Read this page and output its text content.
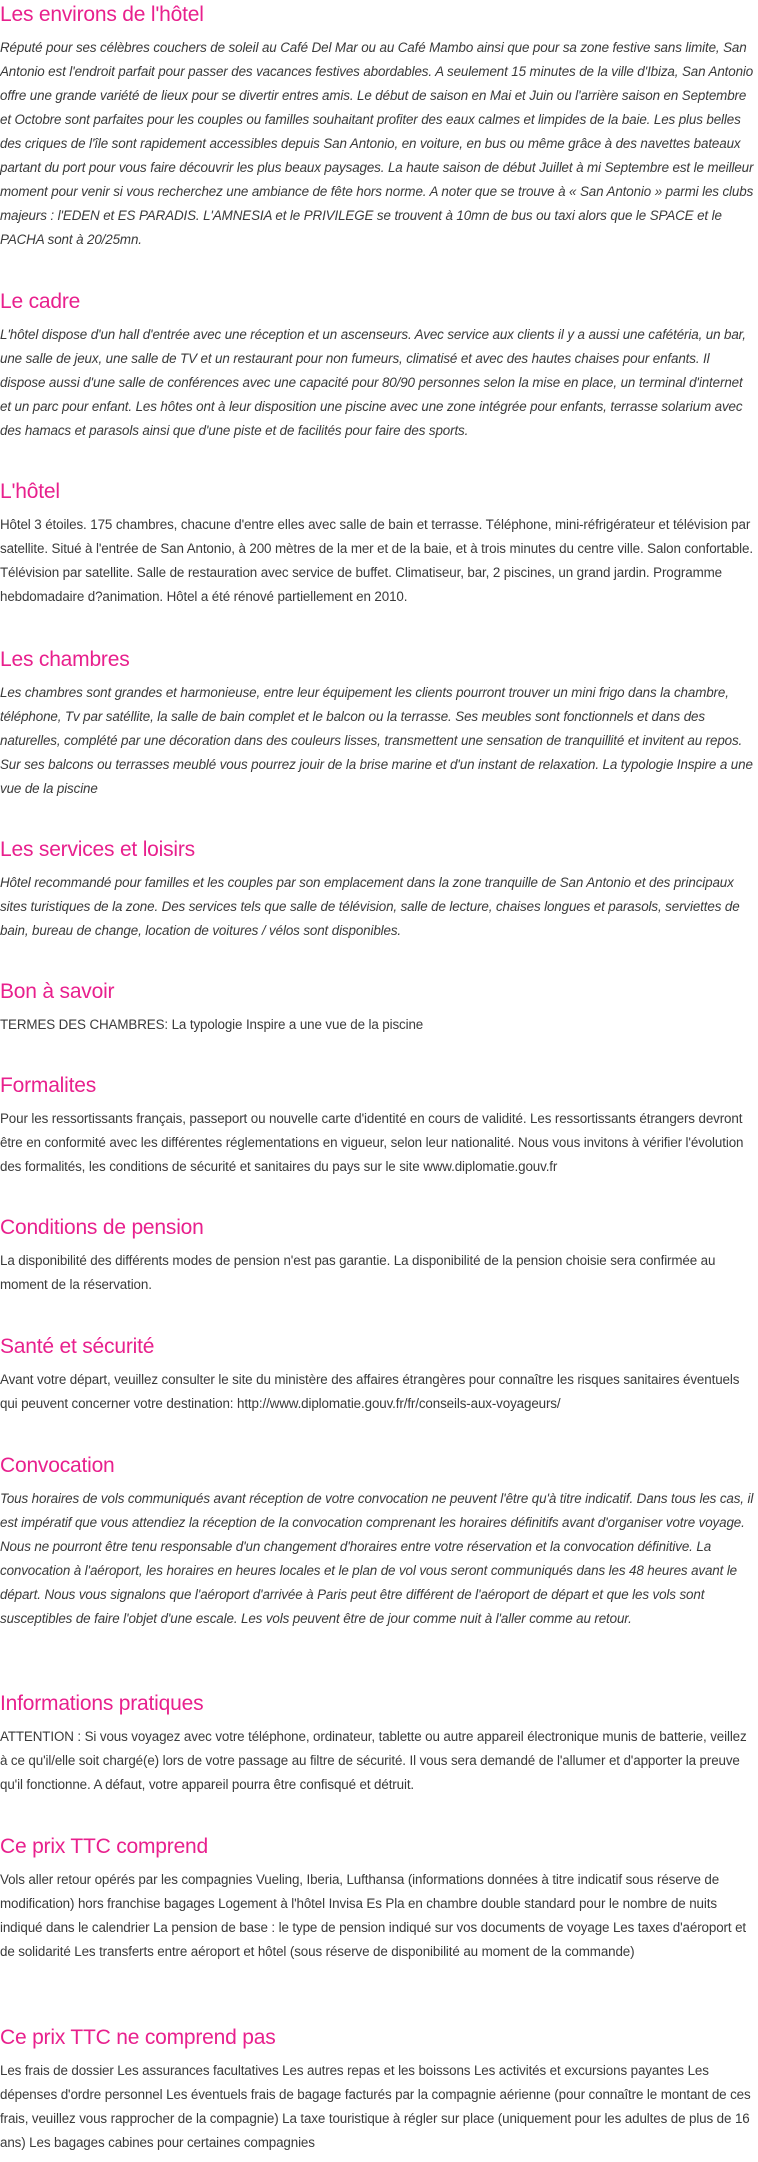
Les environs de l'hôtel

Réputé pour ses célèbres couchers de soleil au Café Del Mar ou au Café Mambo ainsi que pour sa zone festive sans limite, San Antonio est l'endroit parfait pour passer des vacances festives abordables. A seulement 15 minutes de la ville d'Ibiza, San Antonio offre une grande variété de lieux pour se divertir entres amis. Le début de saison en Mai et Juin ou l'arrière saison en Septembre et Octobre sont parfaites pour les couples ou familles souhaitant profiter des eaux calmes et limpides de la baie. Les plus belles des criques de l'île sont rapidement accessibles depuis San Antonio, en voiture, en bus ou même grâce à des navettes bateaux partant du port pour vous faire découvrir les plus beaux paysages. La haute saison de début Juillet à mi Septembre est le meilleur moment pour venir si vous recherchez une ambiance de fête hors norme. A noter que se trouve à « San Antonio » parmi les clubs majeurs : l'EDEN et ES PARADIS. L'AMNESIA et le PRIVILEGE se trouvent à 10mn de bus ou taxi alors que le SPACE et le PACHA sont à 20/25mn.

Le cadre

L'hôtel dispose d'un hall d'entrée avec une réception et un ascenseurs. Avec service aux clients il y a aussi une cafétéria, un bar, une salle de jeux, une salle de TV et un restaurant pour non fumeurs, climatisé et avec des hautes chaises pour enfants. Il dispose aussi d'une salle de conférences avec une capacité pour 80/90 personnes selon la mise en place, un terminal d'internet et un parc pour enfant. Les hôtes ont à leur disposition une piscine avec une zone intégrée pour enfants, terrasse solarium avec des hamacs et parasols ainsi que d'une piste et de facilités pour faire des sports.

L'hôtel

Hôtel 3 étoiles. 175 chambres, chacune d'entre elles avec salle de bain et terrasse. Téléphone, mini-réfrigérateur et télévision par satellite. Situé à l'entrée de San Antonio, à 200 mètres de la mer et de la baie, et à trois minutes du centre ville. Salon confortable. Télévision par satellite. Salle de restauration avec service de buffet. Climatiseur, bar, 2 piscines, un grand jardin. Programme hebdomadaire d?animation. Hôtel a été rénové partiellement en 2010.

Les chambres

Les chambres sont grandes et harmonieuse, entre leur équipement les clients pourront trouver un mini frigo dans la chambre, téléphone, Tv par satéllite, la salle de bain complet et le balcon ou la terrasse. Ses meubles sont fonctionnels et dans des naturelles, complété par une décoration dans des couleurs lisses, transmettent une sensation de tranquillité et invitent au repos. Sur ses balcons ou terrasses meublé vous pourrez jouir de la brise marine et d'un instant de relaxation. La typologie Inspire a une vue de la piscine

Les services et loisirs

Hôtel recommandé pour familles et les couples par son emplacement dans la zone tranquille de San Antonio et des principaux sites turistiques de la zone. Des services tels que salle de télévision, salle de lecture, chaises longues et parasols, serviettes de bain, bureau de change, location de voitures / vélos sont disponibles.

Bon à savoir

TERMES DES CHAMBRES: La typologie Inspire a une vue de la piscine

Formalites

Pour les ressortissants français, passeport ou nouvelle carte d'identité en cours de validité. Les ressortissants étrangers devront être en conformité avec les différentes réglementations en vigueur, selon leur nationalité. Nous vous invitons à vérifier l'évolution des formalités, les conditions de sécurité et sanitaires du pays sur le site www.diplomatie.gouv.fr

Conditions de pension

La disponibilité des différents modes de pension n'est pas garantie. La disponibilité de la pension choisie sera confirmée au moment de la réservation.

Santé et sécurité

Avant votre départ, veuillez consulter le site du ministère des affaires étrangères pour connaître les risques sanitaires éventuels qui peuvent concerner votre destination: http://www.diplomatie.gouv.fr/fr/conseils-aux-voyageurs/

Convocation

Tous horaires de vols communiqués avant réception de votre convocation ne peuvent l'être qu'à titre indicatif. Dans tous les cas, il est impératif que vous attendiez la réception de la convocation comprenant les horaires définitifs avant d'organiser votre voyage. Nous ne pourront être tenu responsable d'un changement d'horaires entre votre réservation et la convocation définitive. La convocation à l'aéroport, les horaires en heures locales et le plan de vol vous seront communiqués dans les 48 heures avant le départ. Nous vous signalons que l'aéroport d'arrivée à Paris peut être différent de l'aéroport de départ et que les vols sont susceptibles de faire l'objet d'une escale. Les vols peuvent être de jour comme nuit à l'aller comme au retour.

Informations pratiques

ATTENTION : Si vous voyagez avec votre téléphone, ordinateur, tablette ou autre appareil électronique munis de batterie, veillez à ce qu'il/elle soit chargé(e) lors de votre passage au filtre de sécurité. Il vous sera demandé de l'allumer et d'apporter la preuve qu'il fonctionne. A défaut, votre appareil pourra être confisqué et détruit.

Ce prix TTC comprend

Vols aller retour opérés par les compagnies Vueling, Iberia, Lufthansa (informations données à titre indicatif sous réserve de modification) hors franchise bagages Logement à l'hôtel Invisa Es Pla en chambre double standard pour le nombre de nuits indiqué dans le calendrier La pension de base : le type de pension indiqué sur vos documents de voyage Les taxes d'aéroport et de solidarité Les transferts entre aéroport et hôtel (sous réserve de disponibilité au moment de la commande)

Ce prix TTC ne comprend pas

Les frais de dossier Les assurances facultatives Les autres repas et les boissons Les activités et excursions payantes Les dépenses d'ordre personnel Les éventuels frais de bagage facturés par la compagnie aérienne (pour connaître le montant de ces frais, veuillez vous rapprocher de la compagnie) La taxe touristique à régler sur place (uniquement pour les adultes de plus de 16 ans) Les bagages cabines pour certaines compagnies
